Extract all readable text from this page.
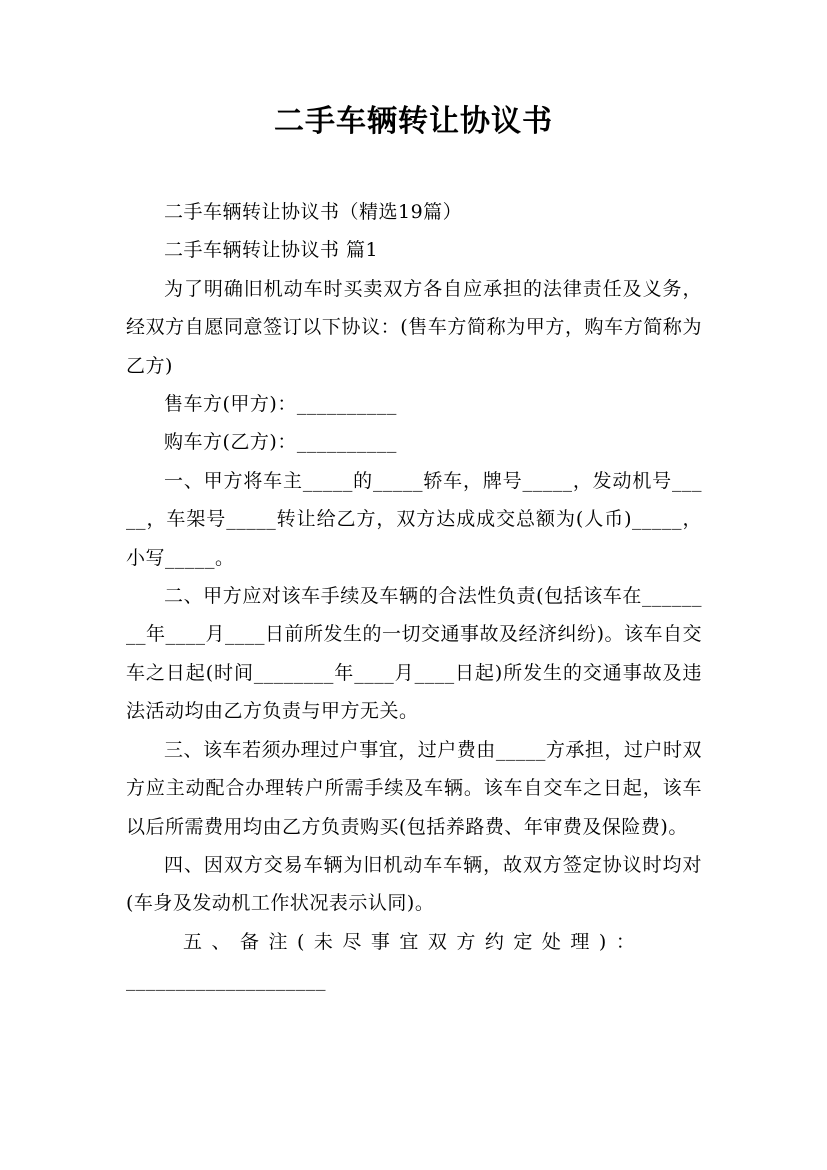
二手车辆转让协议书

二手车辆转让协议书（精选19篇）

二手车辆转让协议书 篇1

为了明确旧机动车时买卖双方各自应承担的法律责任及义务，经双方自愿同意签订以下协议：(售车方简称为甲方，购车方简称为乙方)

售车方(甲方)：__________

购车方(乙方)：__________

一、甲方将车主_____的_____轿车，牌号_____，发动机号_____，车架号_____转让给乙方，双方达成成交总额为(人币)_____，小写_____。

二、甲方应对该车手续及车辆的合法性负责(包括该车在________年____月____日前所发生的一切交通事故及经济纠纷)。该车自交车之日起(时间________年____月____日起)所发生的交通事故及违法活动均由乙方负责与甲方无关。

三、该车若须办理过户事宜，过户费由_____方承担，过户时双方应主动配合办理转户所需手续及车辆。该车自交车之日起，该车以后所需费用均由乙方负责购买(包括养路费、年审费及保险费)。

四、因双方交易车辆为旧机动车车辆，故双方签定协议时均对(车身及发动机工作状况表示认同)。

五、备注(未尽事宜双方约定处理)：

____________________
